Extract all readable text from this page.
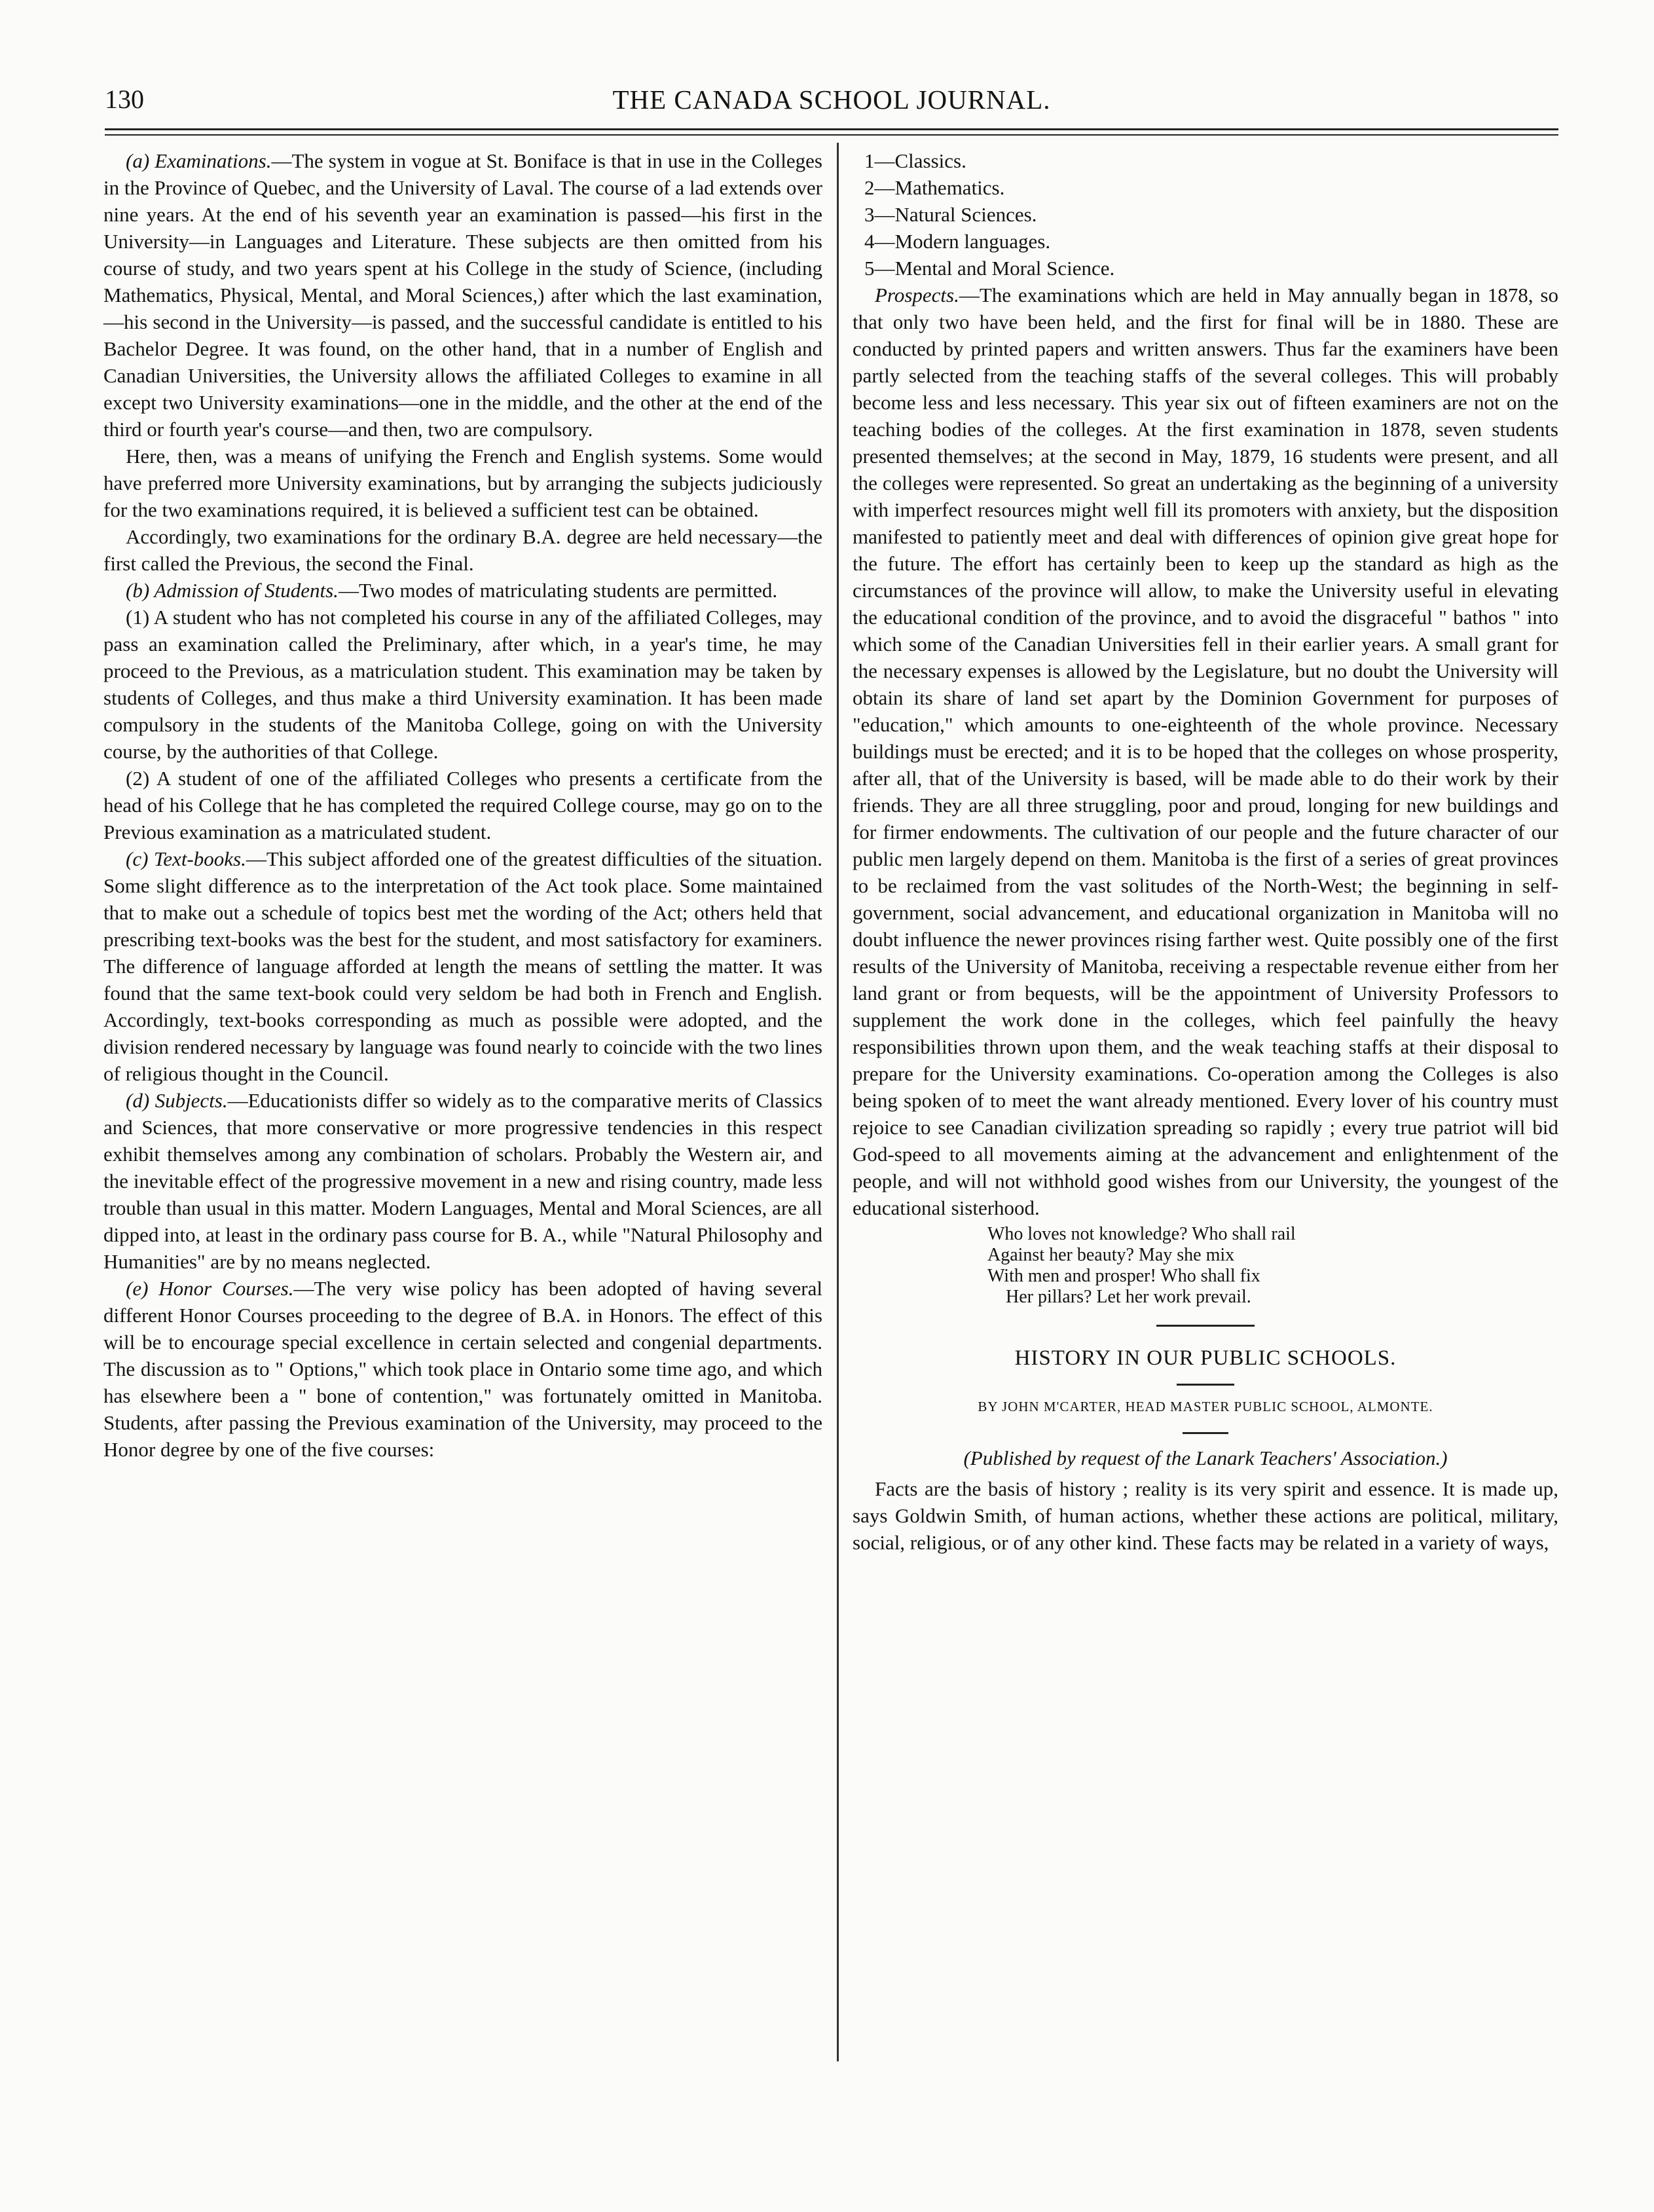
130	THE CANADA SCHOOL JOURNAL.

(a) Examinations.—The system in vogue at St. Boniface is that in use in the Colleges in the Province of Quebec, and the University of Laval. The course of a lad extends over nine years. At the end of his seventh year an examination is passed—his first in the University—in Languages and Literature. These subjects are then omitted from his course of study, and two years spent at his College in the study of Science, (including Mathematics, Physical, Mental, and Moral Sciences,) after which the last examination,—his second in the University—is passed, and the successful candidate is entitled to his Bachelor Degree. It was found, on the other hand, that in a number of English and Canadian Universities, the University allows the affiliated Colleges to examine in all except two University examinations—one in the middle, and the other at the end of the third or fourth year's course—and then, two are compulsory.

Here, then, was a means of unifying the French and English systems. Some would have preferred more University examinations, but by arranging the subjects judiciously for the two examinations required, it is believed a sufficient test can be obtained.

Accordingly, two examinations for the ordinary B.A. degree are held necessary—the first called the Previous, the second the Final.

(b) Admission of Students.—Two modes of matriculating students are permitted.

(1) A student who has not completed his course in any of the affiliated Colleges, may pass an examination called the Preliminary, after which, in a year's time, he may proceed to the Previous, as a matriculation student. This examination may be taken by students of Colleges, and thus make a third University examination. It has been made compulsory in the students of the Manitoba College, going on with the University course, by the authorities of that College.

(2) A student of one of the affiliated Colleges who presents a certificate from the head of his College that he has completed the required College course, may go on to the Previous examination as a matriculated student.

(c) Text-books.—This subject afforded one of the greatest difficulties of the situation. Some slight difference as to the interpretation of the Act took place. Some maintained that to make out a schedule of topics best met the wording of the Act; others held that prescribing text-books was the best for the student, and most satisfactory for examiners. The difference of language afforded at length the means of settling the matter. It was found that the same text-book could very seldom be had both in French and English. Accordingly, text-books corresponding as much as possible were adopted, and the division rendered necessary by language was found nearly to coincide with the two lines of religious thought in the Council.

(d) Subjects.—Educationists differ so widely as to the comparative merits of Classics and Sciences, that more conservative or more progressive tendencies in this respect exhibit themselves among any combination of scholars. Probably the Western air, and the inevitable effect of the progressive movement in a new and rising country, made less trouble than usual in this matter. Modern Languages, Mental and Moral Sciences, are all dipped into, at least in the ordinary pass course for B. A., while "Natural Philosophy and Humanities" are by no means neglected.

(e) Honor Courses.—The very wise policy has been adopted of having several different Honor Courses proceeding to the degree of B.A. in Honors. The effect of this will be to encourage special excellence in certain selected and congenial departments. The discussion as to " Options," which took place in Ontario some time ago, and which has elsewhere been a " bone of contention," was fortunately omitted in Manitoba. Students, after passing the Previous examination of the University, may proceed to the Honor degree by one of the five courses:

1—Classics.
2—Mathematics.
3—Natural Sciences.
4—Modern languages.
5—Mental and Moral Science.

Prospects.—The examinations which are held in May annually began in 1878, so that only two have been held, and the first for final will be in 1880. These are conducted by printed papers and written answers. Thus far the examiners have been partly selected from the teaching staffs of the several colleges. This will probably become less and less necessary. This year six out of fifteen examiners are not on the teaching bodies of the colleges. At the first examination in 1878, seven students presented themselves; at the second in May, 1879, 16 students were present, and all the colleges were represented. So great an undertaking as the beginning of a university with imperfect resources might well fill its promoters with anxiety, but the disposition manifested to patiently meet and deal with differences of opinion give great hope for the future. The effort has certainly been to keep up the standard as high as the circumstances of the province will allow, to make the University useful in elevating the educational condition of the province, and to avoid the disgraceful " bathos " into which some of the Canadian Universities fell in their earlier years. A small grant for the necessary expenses is allowed by the Legislature, but no doubt the University will obtain its share of land set apart by the Dominion Government for purposes of "education," which amounts to one-eighteenth of the whole province. Necessary buildings must be erected; and it is to be hoped that the colleges on whose prosperity, after all, that of the University is based, will be made able to do their work by their friends. They are all three struggling, poor and proud, longing for new buildings and for firmer endowments. The cultivation of our people and the future character of our public men largely depend on them. Manitoba is the first of a series of great provinces to be reclaimed from the vast solitudes of the North-West; the beginning in self-government, social advancement, and educational organization in Manitoba will no doubt influence the newer provinces rising farther west. Quite possibly one of the first results of the University of Manitoba, receiving a respectable revenue either from her land grant or from bequests, will be the appointment of University Professors to supplement the work done in the colleges, which feel painfully the heavy responsibilities thrown upon them, and the weak teaching staffs at their disposal to prepare for the University examinations. Co-operation among the Colleges is also being spoken of to meet the want already mentioned. Every lover of his country must rejoice to see Canadian civilization spreading so rapidly ; every true patriot will bid God-speed to all movements aiming at the advancement and enlightenment of the people, and will not withhold good wishes from our University, the youngest of the educational sisterhood.

Who loves not knowledge? Who shall rail
Against her beauty? May she mix
With men and prosper! Who shall fix
Her pillars? Let her work prevail.
HISTORY IN OUR PUBLIC SCHOOLS.
BY JOHN M'CARTER, HEAD MASTER PUBLIC SCHOOL, ALMONTE.
(Published by request of the Lanark Teachers' Association.)

Facts are the basis of history ; reality is its very spirit and essence. It is made up, says Goldwin Smith, of human actions, whether these actions are political, military, social, religious, or of any other kind. These facts may be related in a variety of ways,
